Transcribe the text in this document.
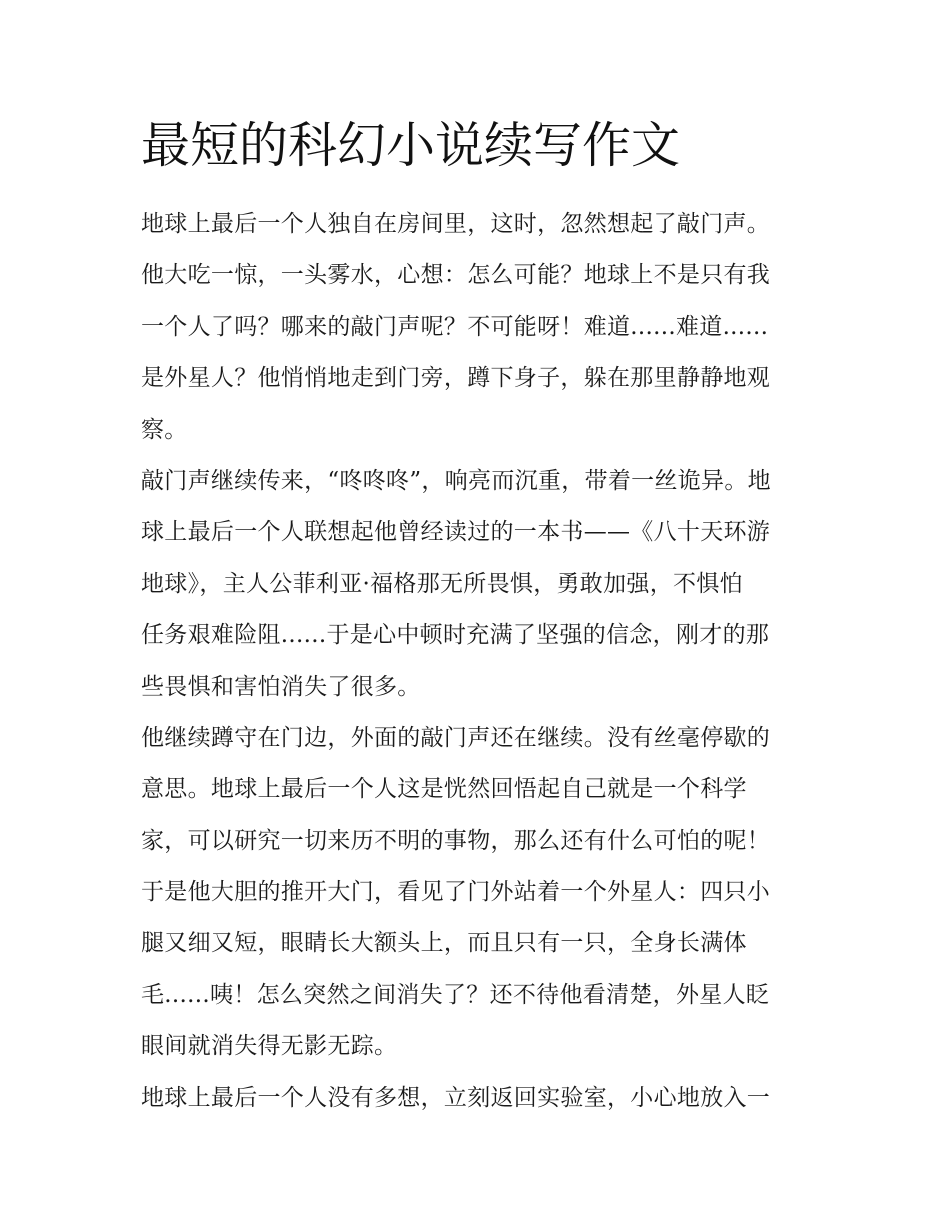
最短的科幻小说续写作文
地球上最后一个人独自在房间里，这时，忽然想起了敲门声。
他大吃一惊，一头雾水，心想：怎么可能？地球上不是只有我
一个人了吗？哪来的敲门声呢？不可能呀！难道......难道......
是外星人？他悄悄地走到门旁，蹲下身子，躲在那里静静地观
察。
敲门声继续传来，“咚咚咚”，响亮而沉重，带着一丝诡异。地
球上最后一个人联想起他曾经读过的一本书——《八十天环游
地球》，主人公菲利亚·福格那无所畏惧，勇敢加强，不惧怕
任务艰难险阻......于是心中顿时充满了坚强的信念，刚才的那
些畏惧和害怕消失了很多。
他继续蹲守在门边，外面的敲门声还在继续。没有丝毫停歇的
意思。地球上最后一个人这是恍然回悟起自己就是一个科学
家，可以研究一切来历不明的事物，那么还有什么可怕的呢！
于是他大胆的推开大门，看见了门外站着一个外星人：四只小
腿又细又短，眼睛长大额头上，而且只有一只，全身长满体
毛......咦！怎么突然之间消失了？还不待他看清楚，外星人眨
眼间就消失得无影无踪。
地球上最后一个人没有多想，立刻返回实验室，小心地放入一
